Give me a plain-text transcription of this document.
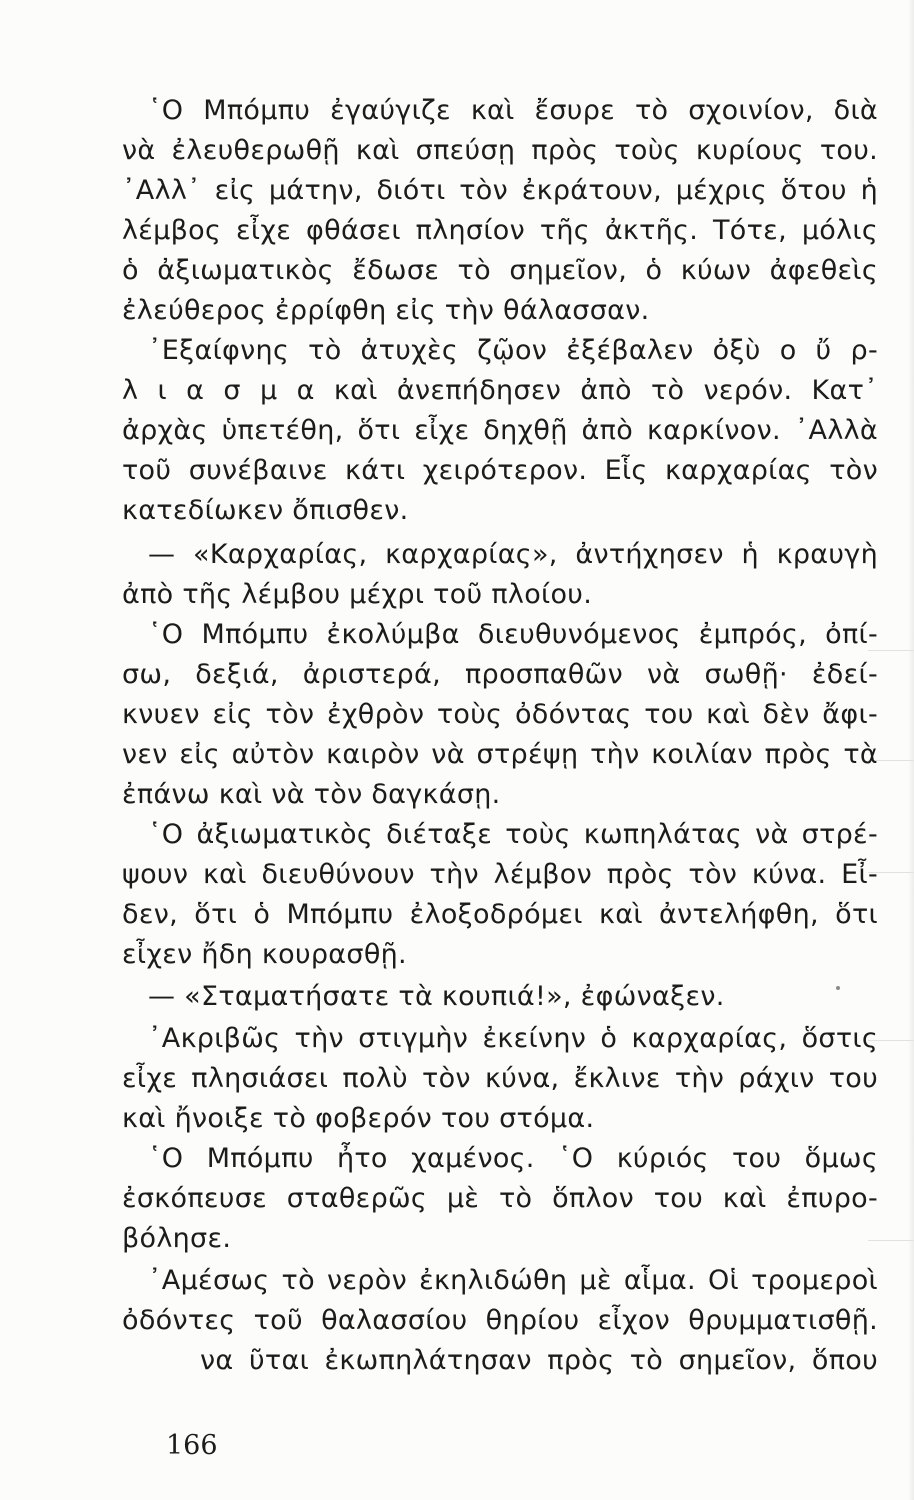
῾Ο Μπόμπυ ἐγαύγιζε καὶ ἔσυρε τὸ σχοινίον, διὰ
νὰ ἐλευθερωθῇ καὶ σπεύσῃ πρὸς τοὺς κυρίους του.
᾿Αλλ᾿ εἰς μάτην, διότι τὸν ἐκράτουν, μέχρις ὅτου ἡ
λέμβος εἶχε φθάσει πλησίον τῆς ἀκτῆς. Τότε, μόλις
ὁ ἀξιωματικὸς ἔδωσε τὸ σημεῖον, ὁ κύων ἀφεθεὶς
ἐλεύθερος ἐρρίφθη εἰς τὴν θάλασσαν.
᾿Εξαίφνης τὸ ἀτυχὲς ζῷον ἐξέβαλεν ὀξὺ ο ὔ ρ-
λ ι α σ μ α καὶ ἀνεπήδησεν ἀπὸ τὸ νερόν. Κατ᾿
ἀρχὰς ὑπετέθη, ὅτι εἶχε δηχθῇ ἀπὸ καρκίνον. ᾿Αλλὰ
τοῦ συνέβαινε κάτι χειρότερον. Εἷς καρχαρίας τὸν
κατεδίωκεν ὄπισθεν.
— «Καρχαρίας, καρχαρίας», ἀντήχησεν ἡ κραυγὴ
ἀπὸ τῆς λέμβου μέχρι τοῦ πλοίου.
῾Ο Μπόμπυ ἐκολύμβα διευθυνόμενος ἐμπρός, ὀπί-
σω, δεξιά, ἀριστερά, προσπαθῶν νὰ σωθῇ· ἐδεί-
κνυεν εἰς τὸν ἐχθρὸν τοὺς ὀδόντας του καὶ δὲν ἄφι-
νεν εἰς αὐτὸν καιρὸν νὰ στρέψῃ τὴν κοιλίαν πρὸς τὰ
ἐπάνω καὶ νὰ τὸν δαγκάσῃ.
῾Ο ἀξιωματικὸς διέταξε τοὺς κωπηλάτας νὰ στρέ-
ψουν καὶ διευθύνουν τὴν λέμβον πρὸς τὸν κύνα. Εἶ-
δεν, ὅτι ὁ Μπόμπυ ἐλοξοδρόμει καὶ ἀντελήφθη, ὅτι
εἶχεν ἤδη κουρασθῇ.
— «Σταματήσατε τὰ κουπιά!», ἐφώναξεν.
᾿Ακριβῶς τὴν στιγμὴν ἐκείνην ὁ καρχαρίας, ὅστις
εἶχε πλησιάσει πολὺ τὸν κύνα, ἔκλινε τὴν ράχιν του
καὶ ἤνοιξε τὸ φοβερόν του στόμα.
῾Ο Μπόμπυ ἦτο χαμένος. ῾Ο κύριός του ὅμως
ἐσκόπευσε σταθερῶς μὲ τὸ ὅπλον του καὶ ἐπυρο-
βόλησε.
᾿Αμέσως τὸ νερὸν ἐκηλιδώθη μὲ αἷμα. Οἱ τρομεροὶ
ὀδόντες τοῦ θαλασσίου θηρίου εἶχον θρυμματισθῇ.
να ῦται ἐκωπηλάτησαν πρὸς τὸ σημεῖον, ὅπου
166
